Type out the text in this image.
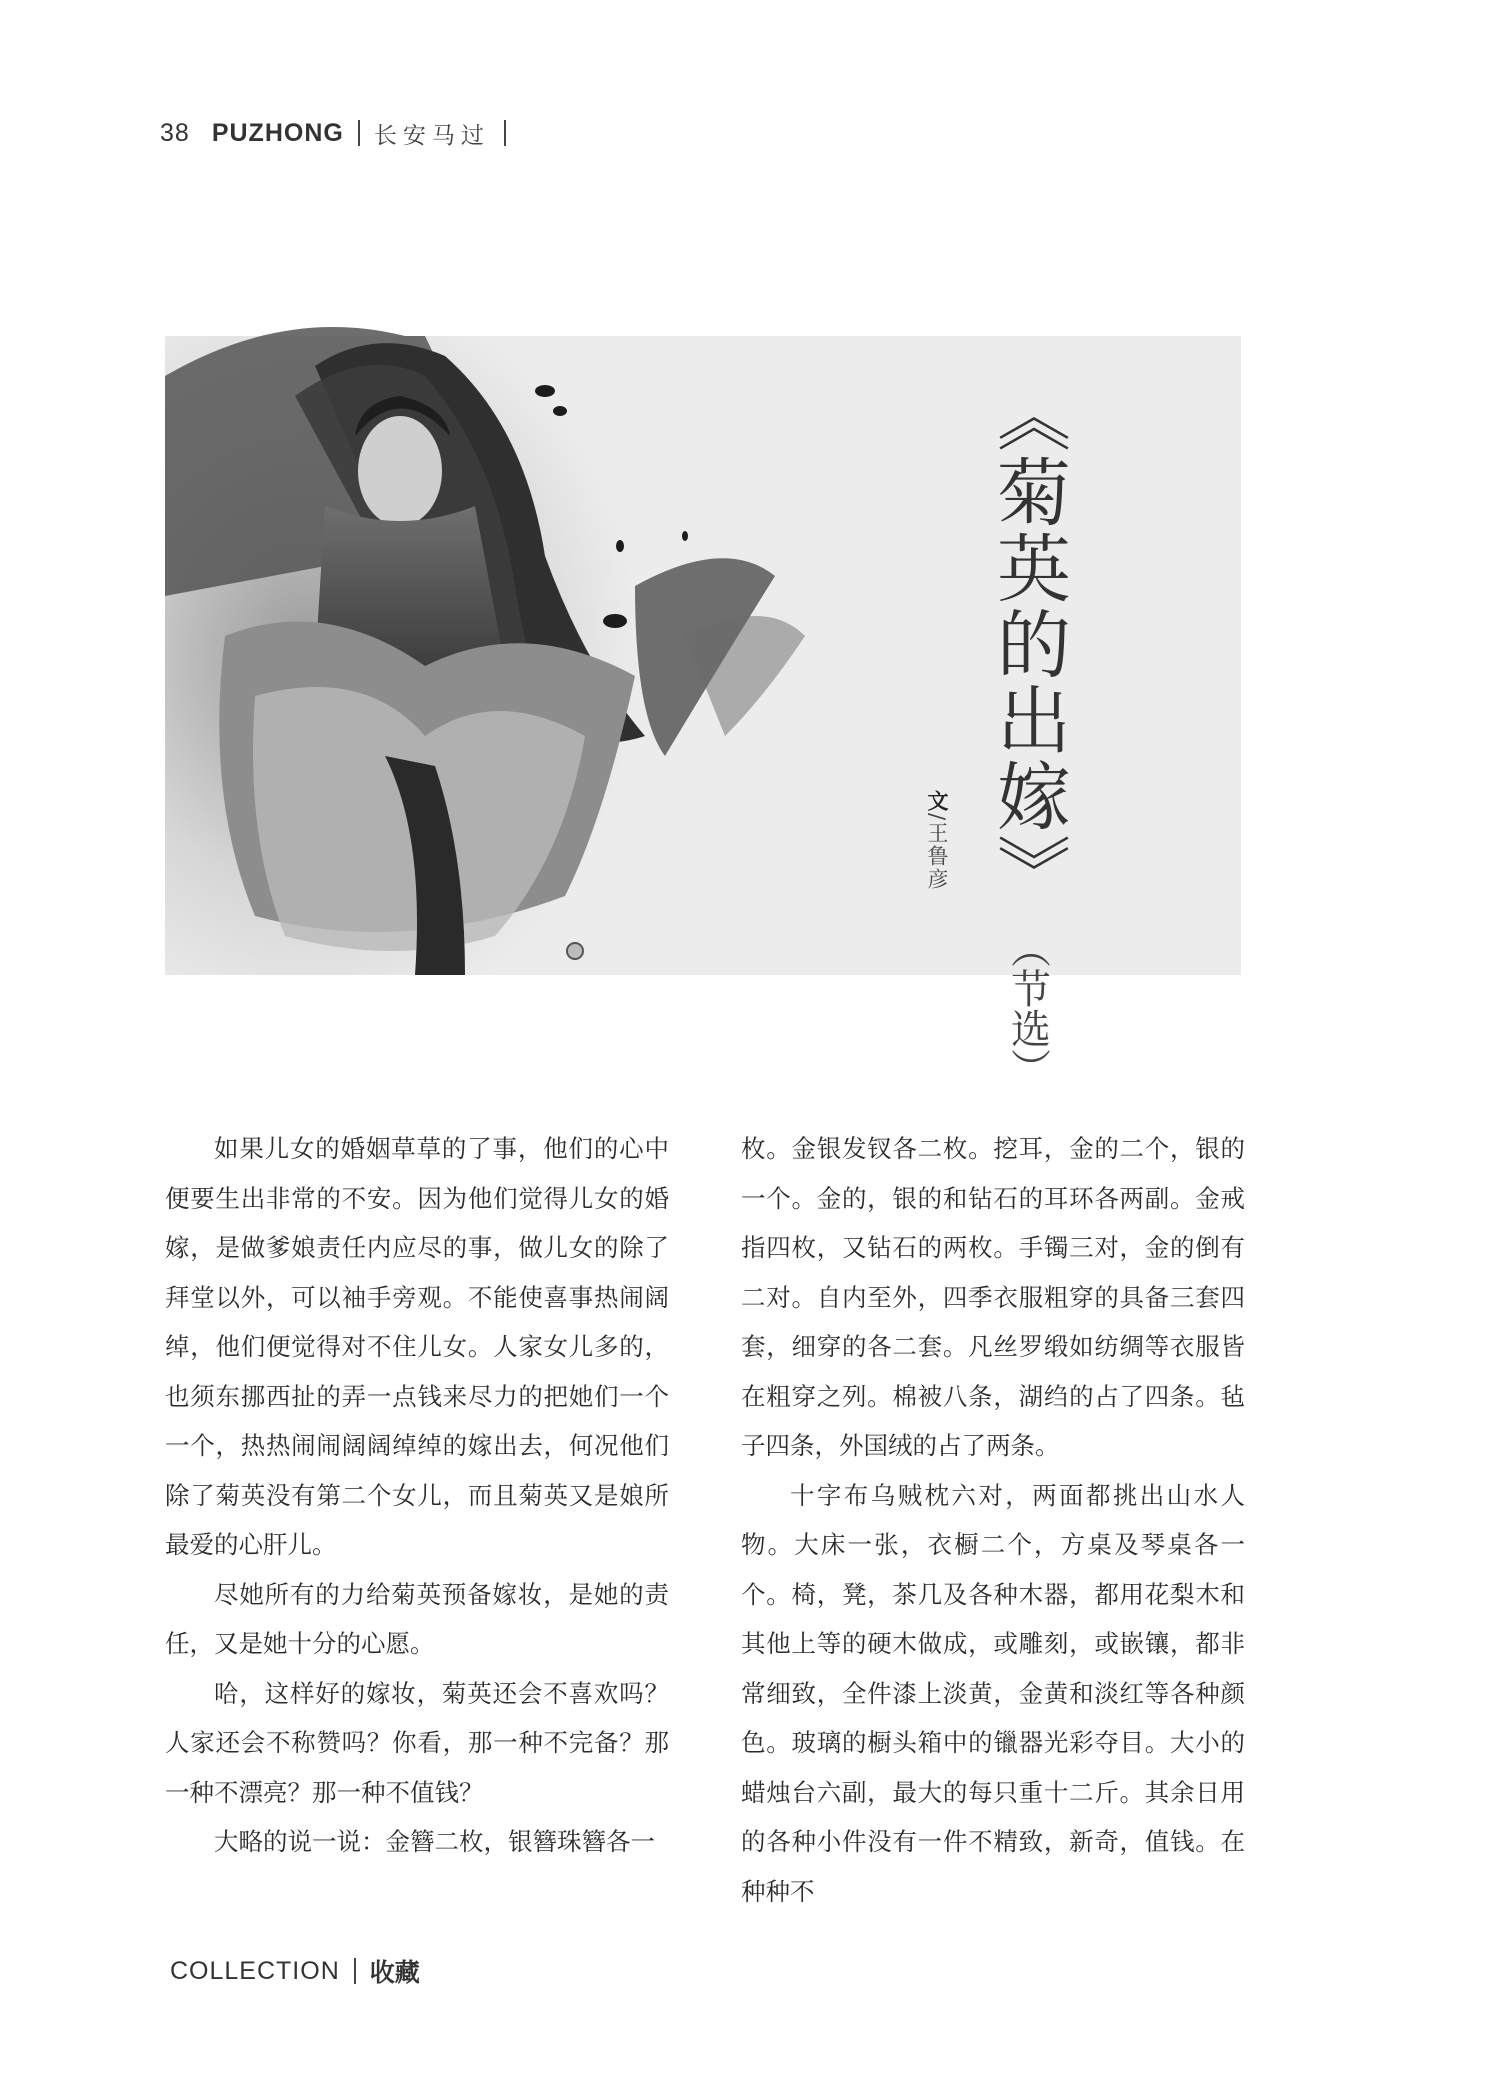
38 PUZHONG 长安马过
《菊英的出嫁》
（节选）
文/王鲁彦

如果儿女的婚姻草草的了事，他们的心中便要生出非常的不安。因为他们觉得儿女的婚嫁，是做爹娘责任内应尽的事，做儿女的除了拜堂以外，可以袖手旁观。不能使喜事热闹阔绰，他们便觉得对不住儿女。人家女儿多的，也须东挪西扯的弄一点钱来尽力的把她们一个一个，热热闹闹阔阔绰绰的嫁出去，何况他们除了菊英没有第二个女儿，而且菊英又是娘所最爱的心肝儿。

尽她所有的力给菊英预备嫁妆，是她的责任，又是她十分的心愿。

哈，这样好的嫁妆，菊英还会不喜欢吗？人家还会不称赞吗？你看，那一种不完备？那一种不漂亮？那一种不值钱？

大略的说一说：金簪二枚，银簪珠簪各一

枚。金银发钗各二枚。挖耳，金的二个，银的一个。金的，银的和钻石的耳环各两副。金戒指四枚，又钻石的两枚。手镯三对，金的倒有二对。自内至外，四季衣服粗穿的具备三套四套，细穿的各二套。凡丝罗缎如纺绸等衣服皆在粗穿之列。棉被八条，湖绉的占了四条。毡子四条，外国绒的占了两条。

十字布乌贼枕六对，两面都挑出山水人物。大床一张，衣橱二个，方桌及琴桌各一个。椅，凳，茶几及各种木器，都用花梨木和其他上等的硬木做成，或雕刻，或嵌镶，都非常细致，全件漆上淡黄，金黄和淡红等各种颜色。玻璃的橱头箱中的镴器光彩夺目。大小的蜡烛台六副，最大的每只重十二斤。其余日用的各种小件没有一件不精致，新奇，值钱。在种种不

COLLECTION 收藏
